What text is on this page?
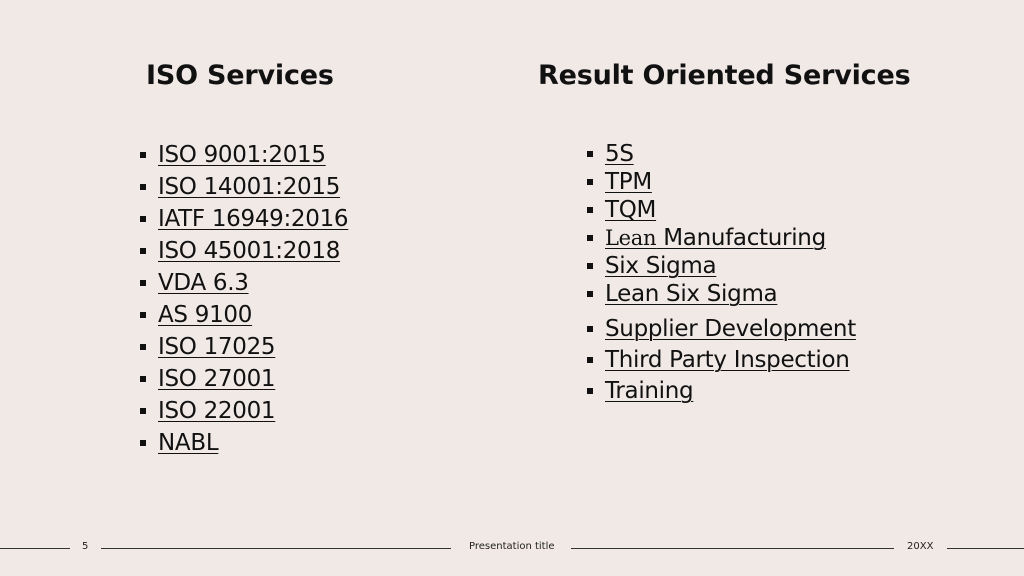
ISO Services	Result Oriented Services
ISO 9001:2015
ISO 14001:2015
IATF 16949:2016
ISO 45001:2018
VDA 6.3
AS 9100
ISO 17025
ISO 27001
ISO 22001
NABL
5S
TPM
TQM
Lean Manufacturing
Six Sigma
Lean Six Sigma
Supplier Development
Third Party Inspection
Training
5	Presentation title	20XX
